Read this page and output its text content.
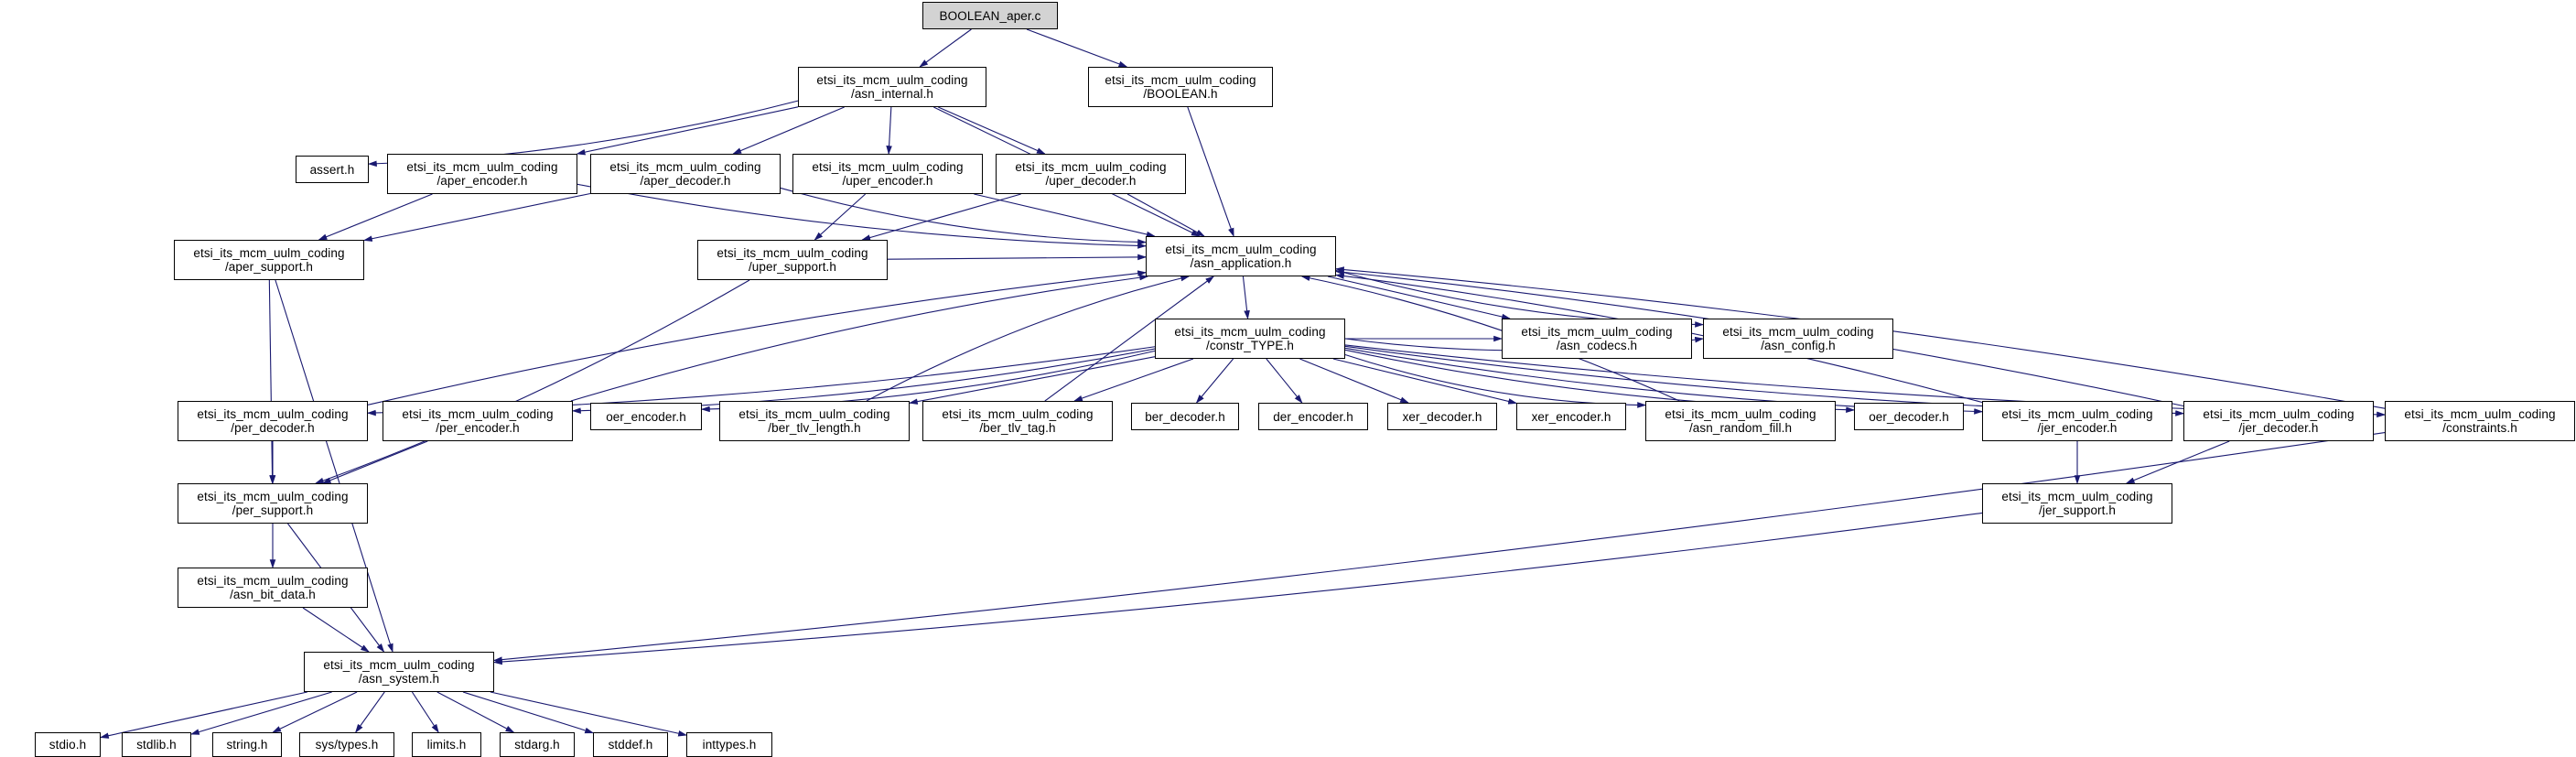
BOOLEAN_aper.c
etsi_its_mcm_uulm_coding
/asn_internal.h
etsi_its_mcm_uulm_coding
/BOOLEAN.h
assert.h	etsi_its_mcm_uulm_coding
/aper_encoder.h
etsi_its_mcm_uulm_coding
/aper_decoder.h
etsi_its_mcm_uulm_coding
/uper_encoder.h
etsi_its_mcm_uulm_coding
/uper_decoder.h
etsi_its_mcm_uulm_coding
/aper_support.h
etsi_its_mcm_uulm_coding
/uper_support.h
etsi_its_mcm_uulm_coding
/asn_application.h
etsi_its_mcm_uulm_coding
/constr_TYPE.h
etsi_its_mcm_uulm_coding
/asn_codecs.h
etsi_its_mcm_uulm_coding
/asn_config.h
etsi_its_mcm_uulm_coding
/per_decoder.h
etsi_its_mcm_uulm_coding
/per_encoder.h
oer_encoder.h	etsi_its_mcm_uulm_coding
/ber_tlv_length.h
etsi_its_mcm_uulm_coding
/ber_tlv_tag.h
ber_decoder.h	der_encoder.h	xer_decoder.h	xer_encoder.h	etsi_its_mcm_uulm_coding
/asn_random_fill.h
oer_decoder.h	etsi_its_mcm_uulm_coding
/jer_encoder.h
etsi_its_mcm_uulm_coding
/jer_decoder.h
etsi_its_mcm_uulm_coding
/constraints.h
etsi_its_mcm_uulm_coding
/per_support.h
etsi_its_mcm_uulm_coding
/jer_support.h
etsi_its_mcm_uulm_coding
/asn_bit_data.h
etsi_its_mcm_uulm_coding
/asn_system.h
stdio.h	stdlib.h	string.h	sys/types.h	limits.h	stdarg.h	stddef.h	inttypes.h
